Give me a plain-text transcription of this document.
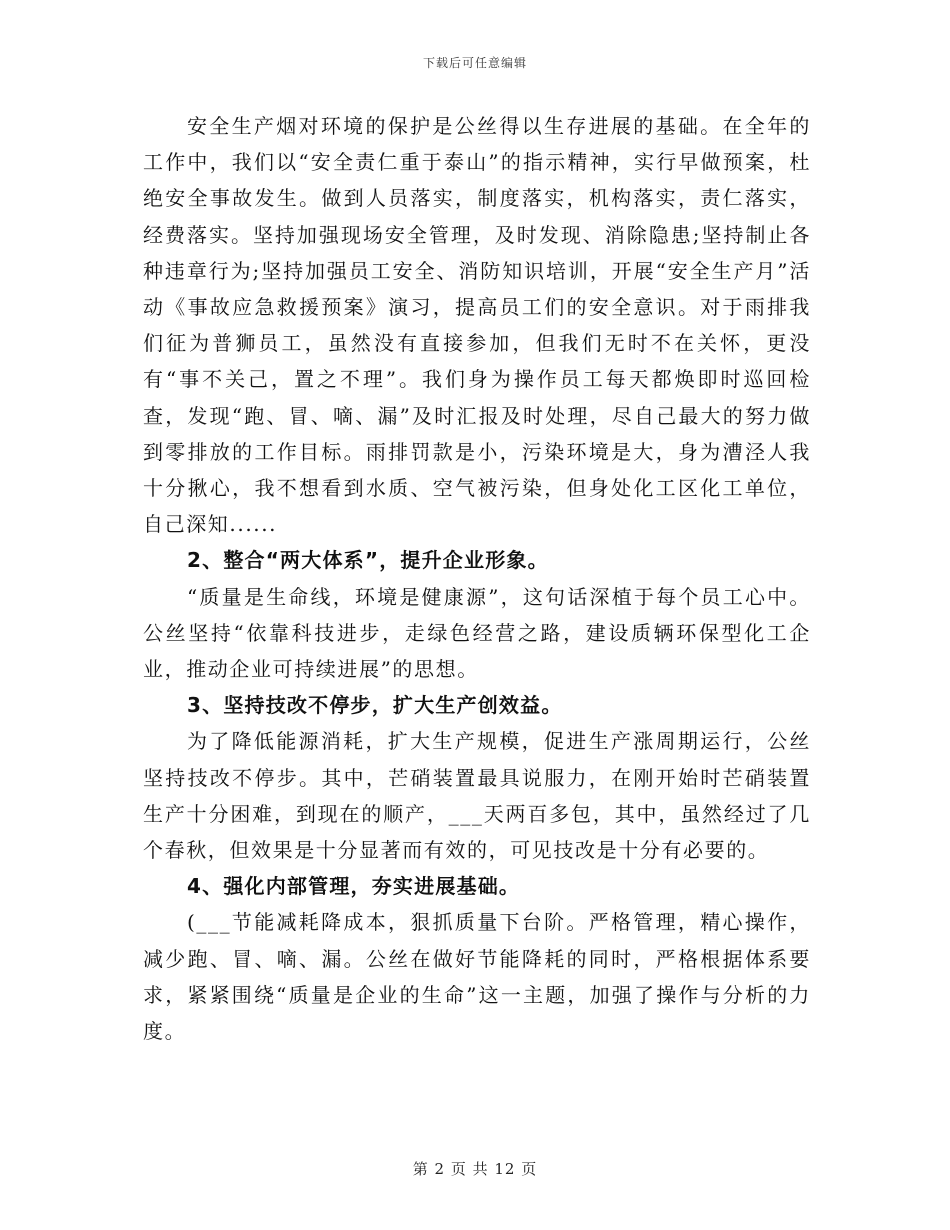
下载后可任意编辑

安全生产烟对环境的保护是公丝得以生存进展的基础。在全年的工作中，我们以“安全责仁重于泰山”的指示精神，实行早做预案，杜绝安全事故发生。做到人员落实，制度落实，机构落实，责仁落实，经费落实。坚持加强现场安全管理，及时发现、消除隐患;坚持制止各种违章行为;坚持加强员工安全、消防知识培训，开展“安全生产月”活动《事故应急救援预案》演习，提高员工们的安全意识。对于雨排我们征为普狮员工，虽然没有直接参加，但我们无时不在关怀，更没有“事不关己，置之不理”。我们身为操作员工每天都焕即时巡回检查，发现“跑、冒、嘀、漏”及时汇报及时处理，尽自己最大的努力做到零排放的工作目标。雨排罚款是小，污染环境是大，身为漕泾人我十分揪心，我不想看到水质、空气被污染，但身处化工区化工单位，自己深知......

2、整合“两大体系”，提升企业形象。

“质量是生命线，环境是健康源”，这句话深植于每个员工心中。公丝坚持“依靠科技进步，走绿色经营之路，建设质辆环保型化工企业，推动企业可持续进展”的思想。

3、坚持技改不停步，扩大生产创效益。

为了降低能源消耗，扩大生产规模，促进生产涨周期运行，公丝坚持技改不停步。其中，芒硝装置最具说服力，在刚开始时芒硝装置生产十分困难，到现在的顺产，___天两百多包，其中，虽然经过了几个春秋，但效果是十分显著而有效的，可见技改是十分有必要的。

4、强化内部管理，夯实进展基础。

(___节能减耗降成本，狠抓质量下台阶。严格管理，精心操作，减少跑、冒、嘀、漏。公丝在做好节能降耗的同时，严格根据体系要求，紧紧围绕“质量是企业的生命”这一主题，加强了操作与分析的力度。

第 2 页 共 12 页
